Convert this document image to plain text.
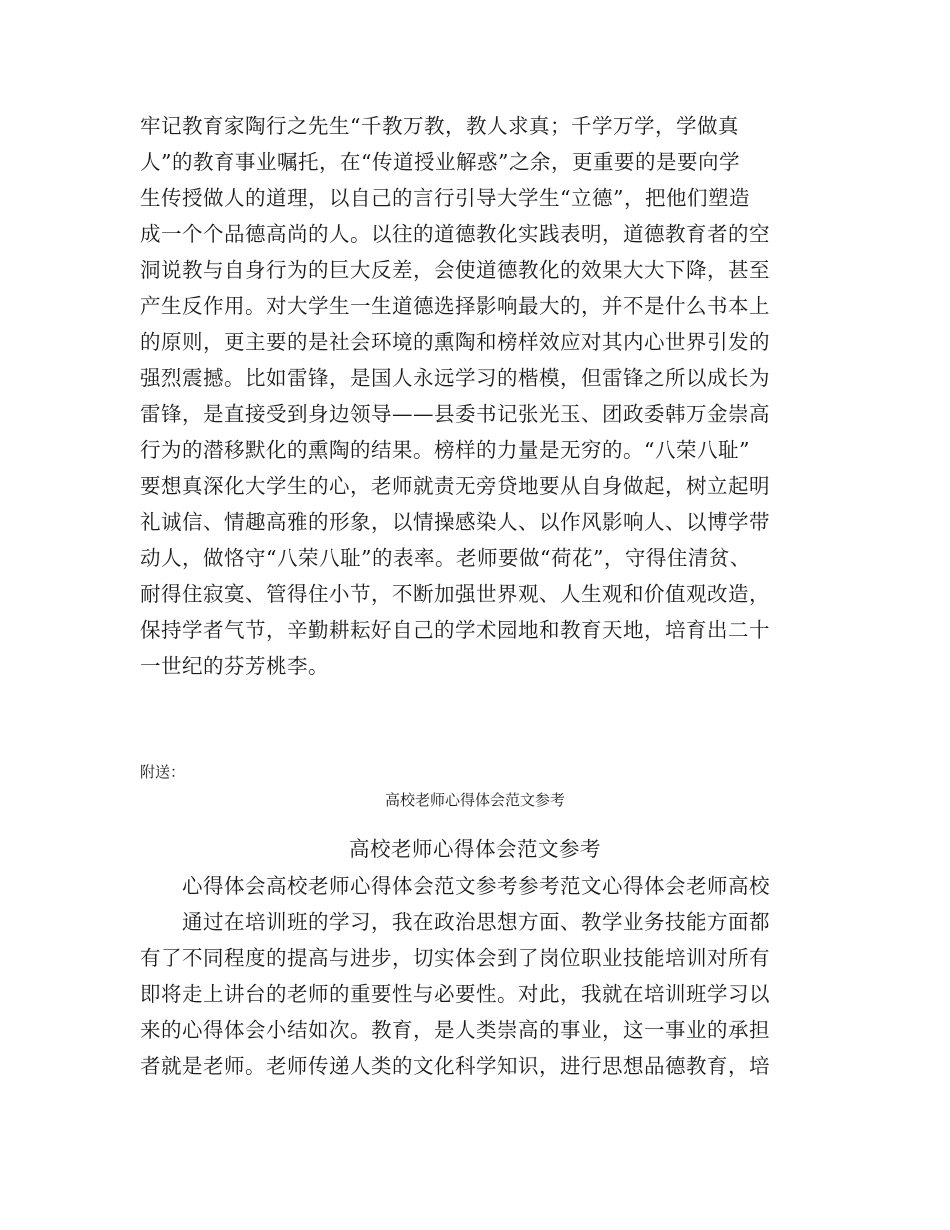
牢记教育家陶行之先生“千教万教，教人求真；千学万学，学做真
人”的教育事业嘱托，在“传道授业解惑”之余，更重要的是要向学
生传授做人的道理，以自己的言行引导大学生“立德”，把他们塑造
成一个个品德高尚的人。以往的道德教化实践表明，道德教育者的空
洞说教与自身行为的巨大反差，会使道德教化的效果大大下降，甚至
产生反作用。对大学生一生道德选择影响最大的，并不是什么书本上
的原则，更主要的是社会环境的熏陶和榜样效应对其内心世界引发的
强烈震撼。比如雷锋，是国人永远学习的楷模，但雷锋之所以成长为
雷锋，是直接受到身边领导——县委书记张光玉、团政委韩万金崇高
行为的潜移默化的熏陶的结果。榜样的力量是无穷的。“八荣八耻”
要想真深化大学生的心，老师就责无旁贷地要从自身做起，树立起明
礼诚信、情趣高雅的形象，以情操感染人、以作风影响人、以博学带
动人，做恪守“八荣八耻”的表率。老师要做“荷花”，守得住清贫、
耐得住寂寞、管得住小节，不断加强世界观、人生观和价值观改造，
保持学者气节，辛勤耕耘好自己的学术园地和教育天地，培育出二十
一世纪的芬芳桃李。
附送：
高校老师心得体会范文参考
高校老师心得体会范文参考
　　心得体会高校老师心得体会范文参考参考范文心得体会老师高校
　　通过在培训班的学习，我在政治思想方面、教学业务技能方面都
有了不同程度的提高与进步，切实体会到了岗位职业技能培训对所有
即将走上讲台的老师的重要性与必要性。对此，我就在培训班学习以
来的心得体会小结如次。教育，是人类崇高的事业，这一事业的承担
者就是老师。老师传递人类的文化科学知识，进行思想品德教育，培
